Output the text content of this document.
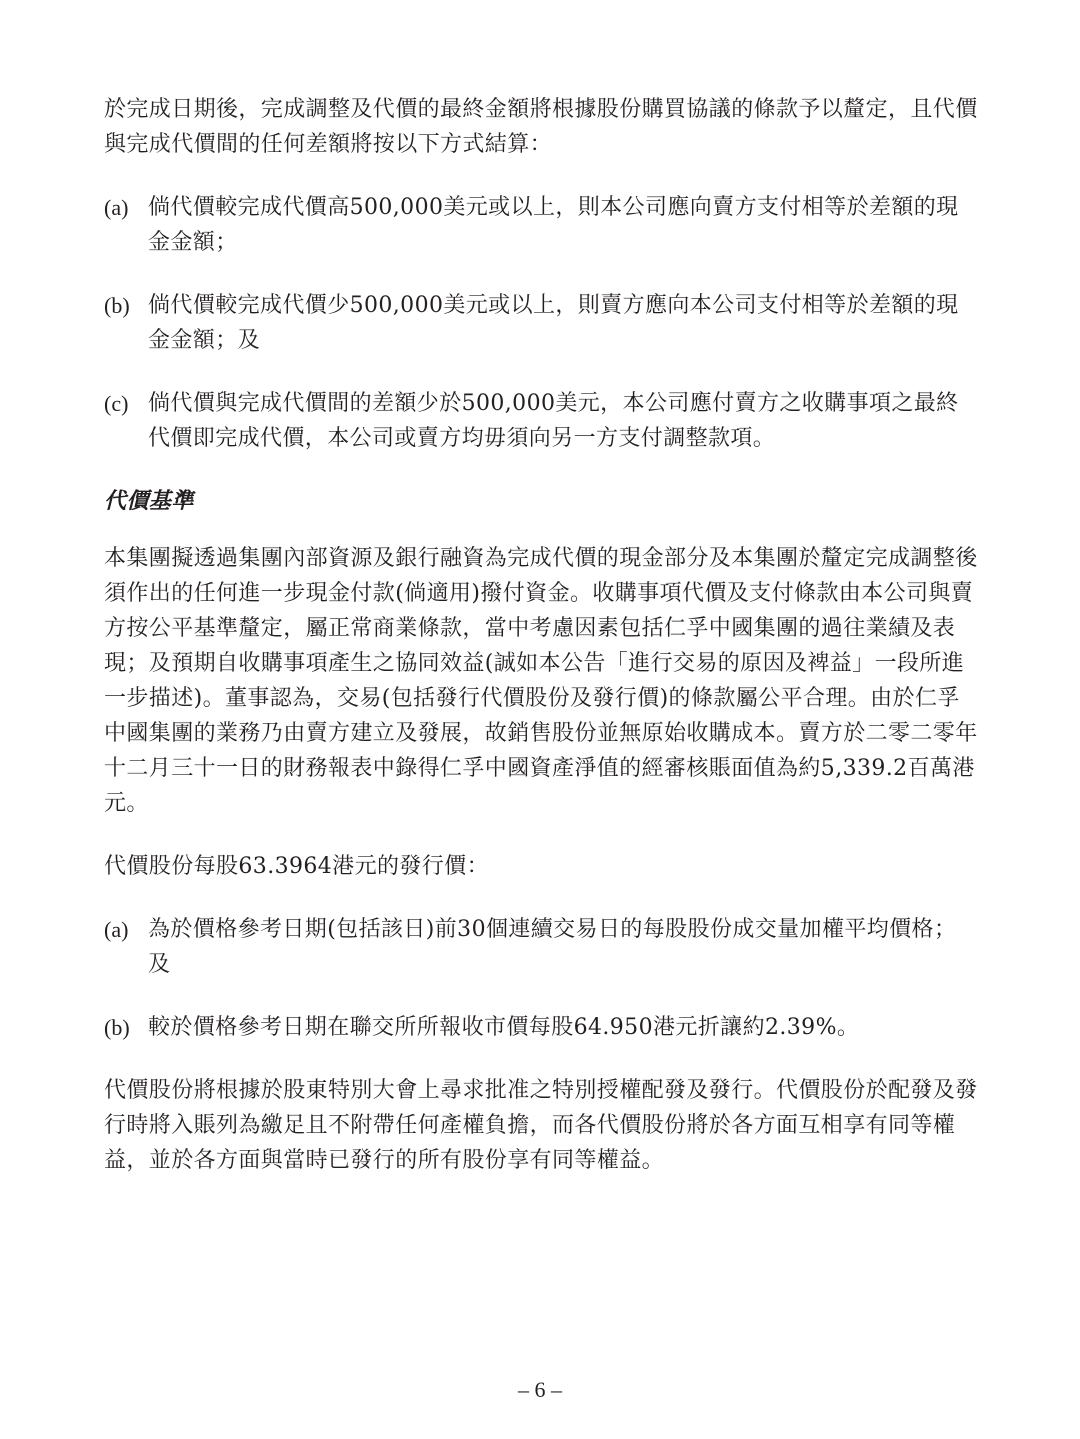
於完成日期後，完成調整及代價的最終金額將根據股份購買協議的條款予以釐定，且代價與完成代價間的任何差額將按以下方式結算：

(a) 倘代價較完成代價高500,000美元或以上，則本公司應向賣方支付相等於差額的現金金額；
(b) 倘代價較完成代價少500,000美元或以上，則賣方應向本公司支付相等於差額的現金金額；及
(c) 倘代價與完成代價間的差額少於500,000美元，本公司應付賣方之收購事項之最終代價即完成代價，本公司或賣方均毋須向另一方支付調整款項。

代價基準

本集團擬透過集團內部資源及銀行融資為完成代價的現金部分及本集團於釐定完成調整後須作出的任何進一步現金付款(倘適用)撥付資金。收購事項代價及支付條款由本公司與賣方按公平基準釐定，屬正常商業條款，當中考慮因素包括仁孚中國集團的過往業績及表現；及預期自收購事項產生之協同效益(誠如本公告「進行交易的原因及裨益」一段所進一步描述)。董事認為，交易(包括發行代價股份及發行價)的條款屬公平合理。由於仁孚中國集團的業務乃由賣方建立及發展，故銷售股份並無原始收購成本。賣方於二零二零年十二月三十一日的財務報表中錄得仁孚中國資產淨值的經審核賬面值為約5,339.2百萬港元。

代價股份每股63.3964港元的發行價：

(a) 為於價格參考日期(包括該日)前30個連續交易日的每股股份成交量加權平均價格；及
(b) 較於價格參考日期在聯交所所報收市價每股64.950港元折讓約2.39%。

代價股份將根據於股東特別大會上尋求批准之特別授權配發及發行。代價股份於配發及發行時將入賬列為繳足且不附帶任何產權負擔，而各代價股份將於各方面互相享有同等權益，並於各方面與當時已發行的所有股份享有同等權益。

– 6 –
